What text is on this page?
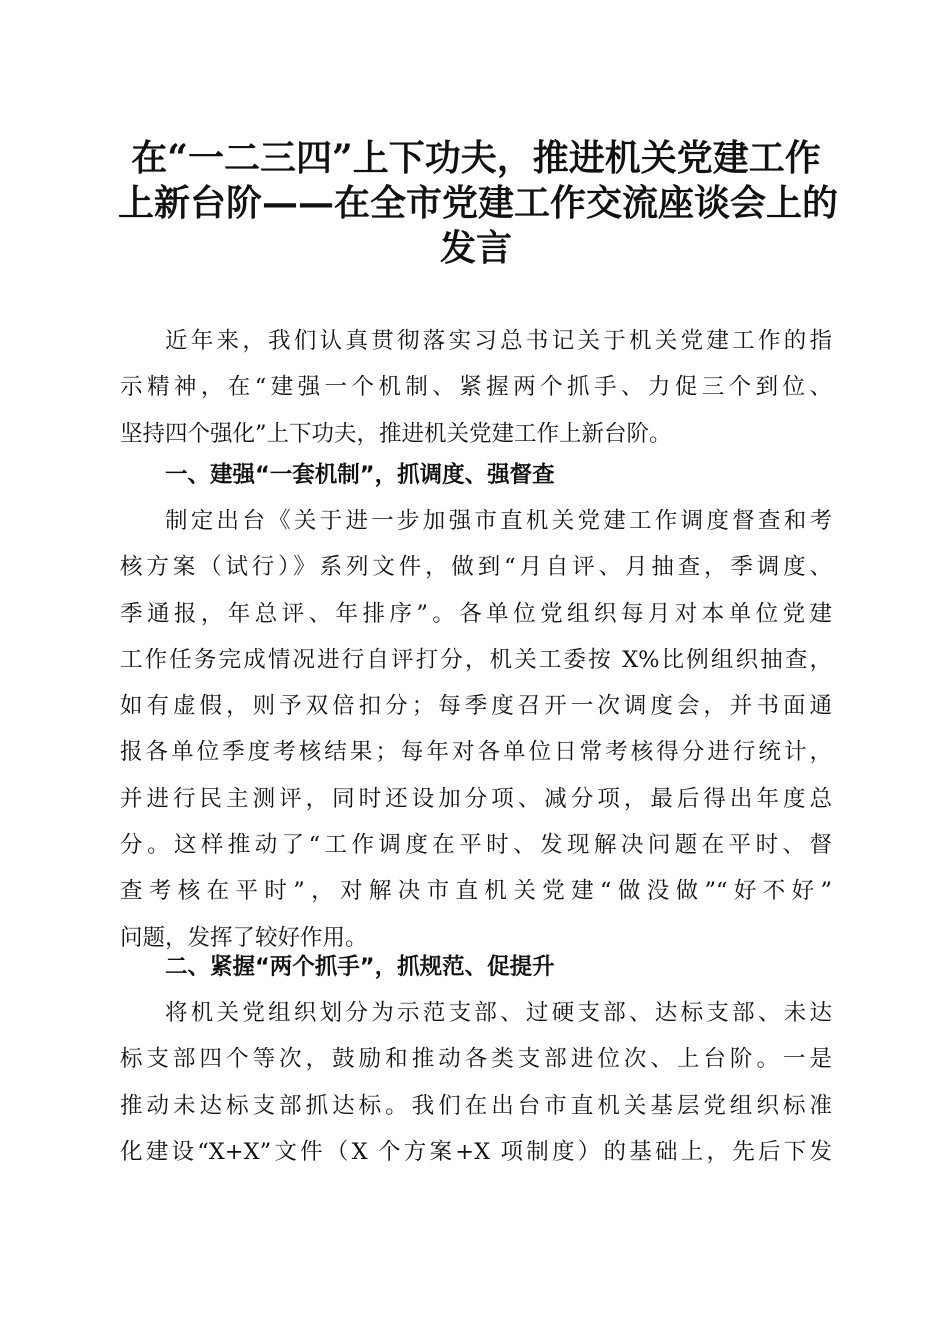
在“一二三四”上下功夫，推进机关党建工作
上新台阶——在全市党建工作交流座谈会上的
发言
近年来，我们认真贯彻落实习总书记关于机关党建工作的指
示精神，在“建强一个机制、紧握两个抓手、力促三个到位、
坚持四个强化”上下功夫，推进机关党建工作上新台阶。
一、建强“一套机制”，抓调度、强督查
制定出台《关于进一步加强市直机关党建工作调度督查和考
核方案（试行）》系列文件，做到“月自评、月抽查，季调度、
季通报，年总评、年排序”。各单位党组织每月对本单位党建
工作任务完成情况进行自评打分，机关工委按 X%比例组织抽查，
如有虚假，则予双倍扣分；每季度召开一次调度会，并书面通
报各单位季度考核结果；每年对各单位日常考核得分进行统计，
并进行民主测评，同时还设加分项、减分项，最后得出年度总
分。这样推动了“工作调度在平时、发现解决问题在平时、督
查考核在平时”，对解决市直机关党建“做没做”“好不好”
问题，发挥了较好作用。
二、紧握“两个抓手”，抓规范、促提升
将机关党组织划分为示范支部、过硬支部、达标支部、未达
标支部四个等次，鼓励和推动各类支部进位次、上台阶。一是
推动未达标支部抓达标。我们在出台市直机关基层党组织标准
化建设“X+X”文件（X 个方案+X 项制度）的基础上，先后下发
